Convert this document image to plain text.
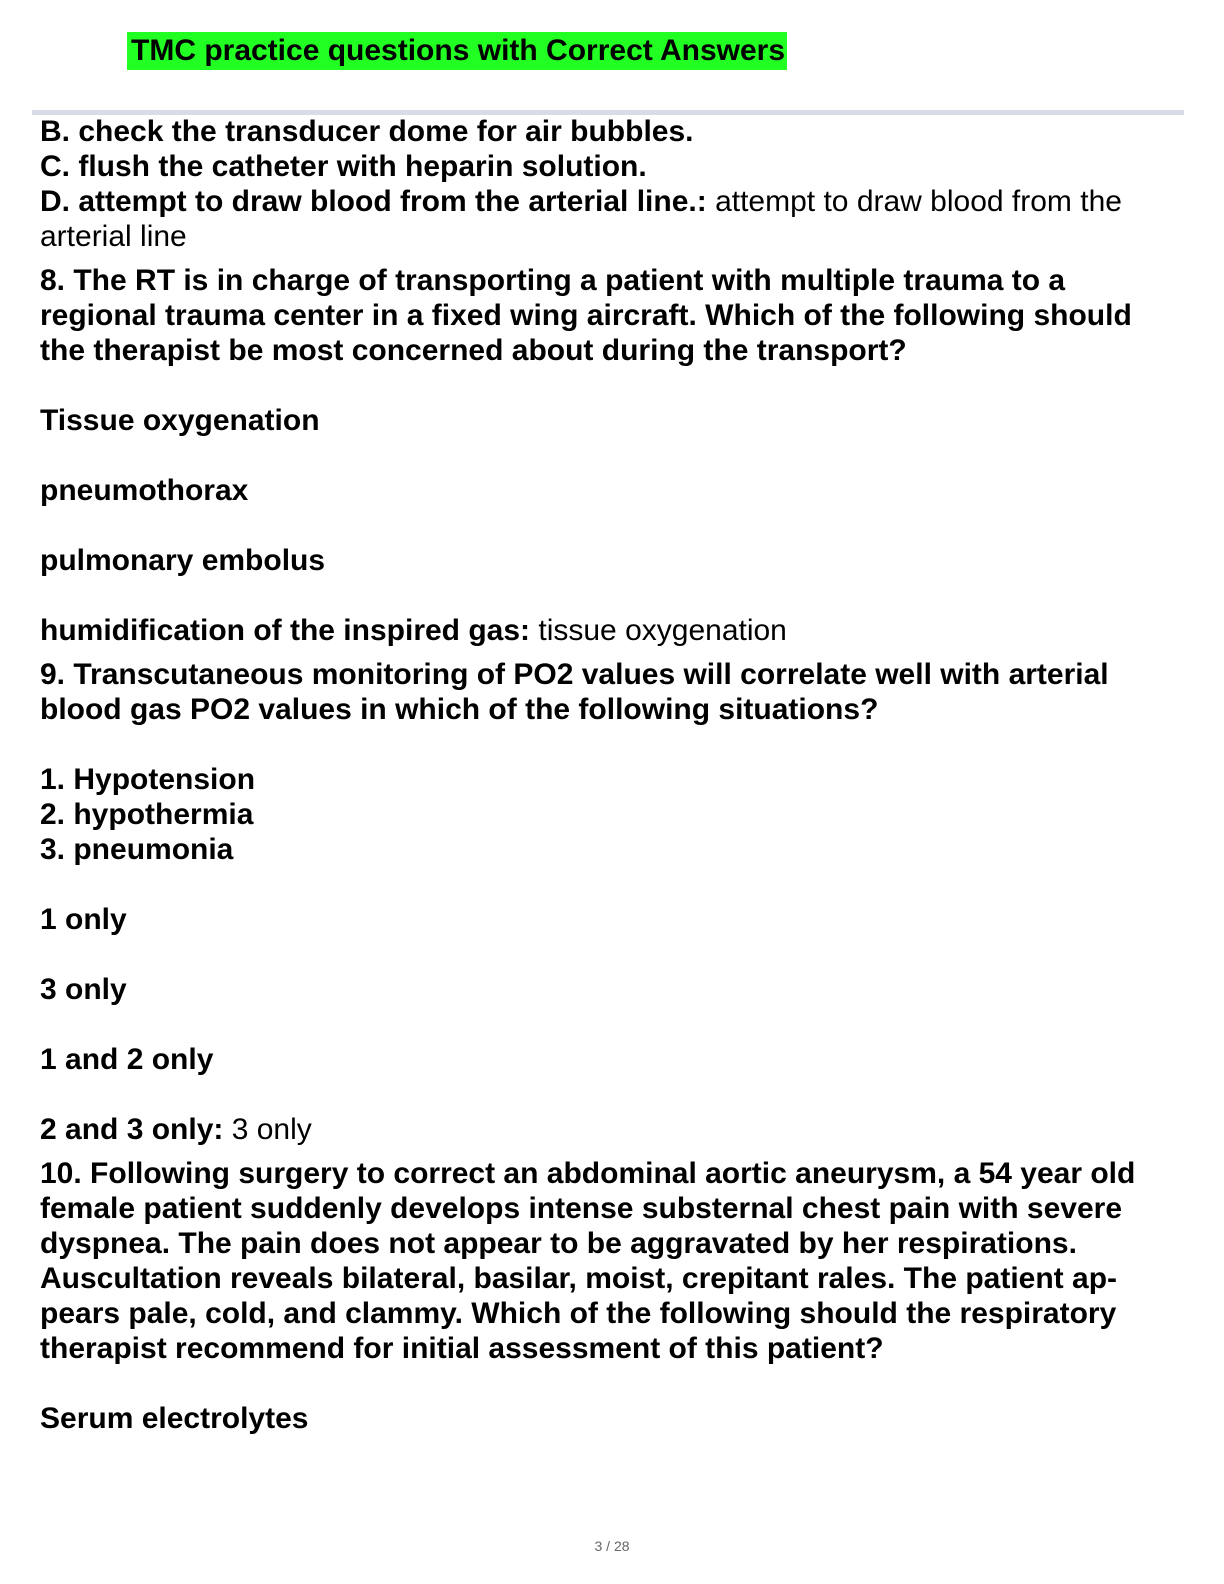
TMC practice questions with Correct Answers

B. check the transducer dome for air bubbles.

C. flush the catheter with heparin solution.

D. attempt to draw blood from the arterial line.: attempt to draw blood from the

arterial line

8. The RT is in charge of transporting a patient with multiple trauma to a

regional trauma center in a fixed wing aircraft. Which of the following should

the therapist be most concerned about during the transport?

Tissue oxygenation

pneumothorax

pulmonary embolus

humidification of the inspired gas: tissue oxygenation

9. Transcutaneous monitoring of PO2 values will correlate well with arterial

blood gas PO2 values in which of the following situations?

1. Hypotension

2. hypothermia

3. pneumonia

1 only

3 only

1 and 2 only

2 and 3 only: 3 only

10. Following surgery to correct an abdominal aortic aneurysm, a 54 year old

female patient suddenly develops intense substernal chest pain with severe

dyspnea. The pain does not appear to be aggravated by her respirations.

Auscultation reveals bilateral, basilar, moist, crepitant rales. The patient ap-

pears pale, cold, and clammy. Which of the following should the respiratory

therapist recommend for initial assessment of this patient?

Serum electrolytes

3 / 28
